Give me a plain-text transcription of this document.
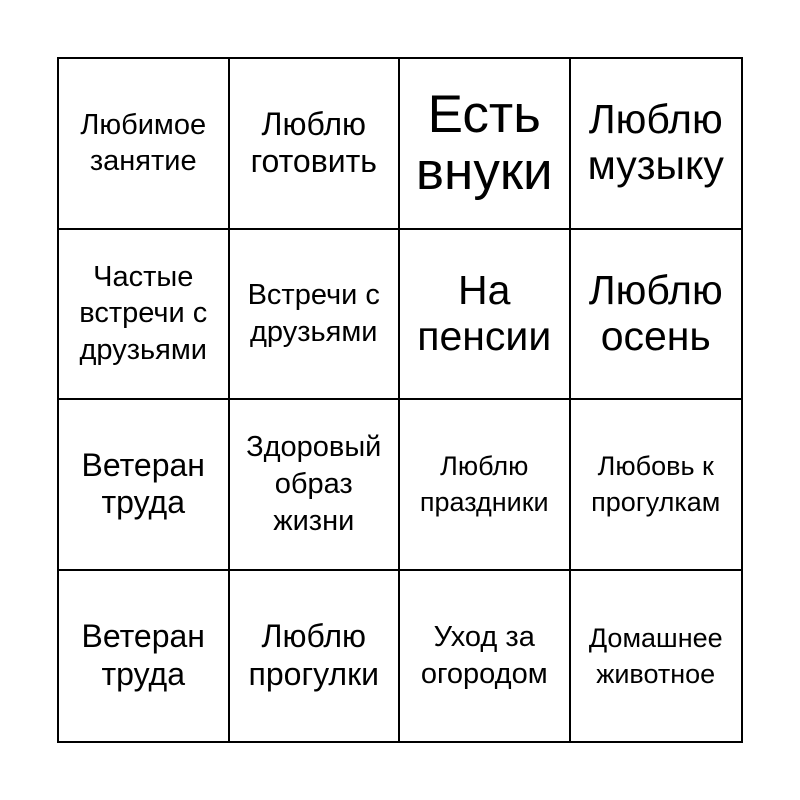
Любимое занятие
Люблю готовить
Есть внуки
Люблю музыку
Частые встречи с друзьями
Встречи с друзьями
На пенсии
Люблю осень
Ветеран труда
Здоровый образ жизни
Люблю праздники
Любовь к прогулкам
Ветеран труда
Люблю прогулки
Уход за огородом
Домашнее животное
